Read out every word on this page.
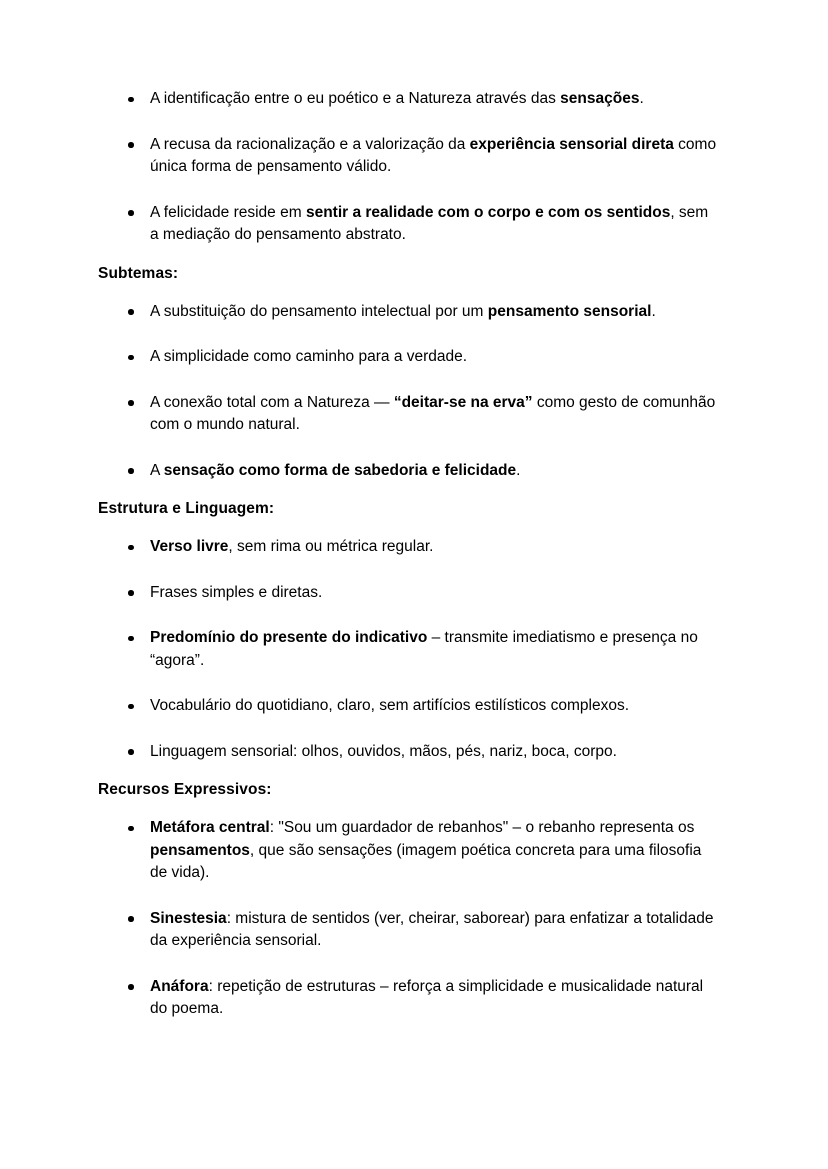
A identificação entre o eu poético e a Natureza através das sensações.
A recusa da racionalização e a valorização da experiência sensorial direta como única forma de pensamento válido.
A felicidade reside em sentir a realidade com o corpo e com os sentidos, sem a mediação do pensamento abstrato.
Subtemas:
A substituição do pensamento intelectual por um pensamento sensorial.
A simplicidade como caminho para a verdade.
A conexão total com a Natureza — “deitar-se na erva” como gesto de comunhão com o mundo natural.
A sensação como forma de sabedoria e felicidade.
Estrutura e Linguagem:
Verso livre, sem rima ou métrica regular.
Frases simples e diretas.
Predomínio do presente do indicativo – transmite imediatismo e presença no “agora”.
Vocabulário do quotidiano, claro, sem artifícios estilísticos complexos.
Linguagem sensorial: olhos, ouvidos, mãos, pés, nariz, boca, corpo.
Recursos Expressivos:
Metáfora central: "Sou um guardador de rebanhos" – o rebanho representa os pensamentos, que são sensações (imagem poética concreta para uma filosofia de vida).
Sinestesia: mistura de sentidos (ver, cheirar, saborear) para enfatizar a totalidade da experiência sensorial.
Anáfora: repetição de estruturas – reforça a simplicidade e musicalidade natural do poema.
